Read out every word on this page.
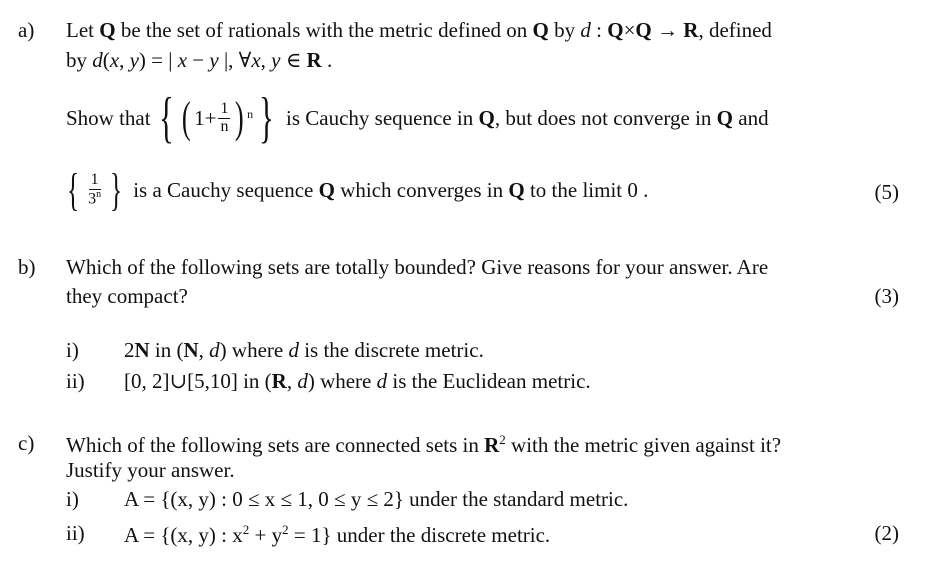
a) Let Q be the set of rationals with the metric defined on Q by d : Q×Q → R, defined
by d(x, y) = | x − y |, ∀x, y ∈ R .
Show that { ( $1+ \frac{1}{n}$ ) n } is Cauchy sequence in Q, but does not converge in Q and
{ $\frac{1}{3^n}$ } is a Cauchy sequence Q which converges in Q to the limit 0 .	(5)
b) Which of the following sets are totally bounded? Give reasons for your answer. Are
they compact?	(3)
i) 2N in (N, d) where d is the discrete metric.
ii) [0, 2]∪[5,10] in (R, d) where d is the Euclidean metric.
c) Which of the following sets are connected sets in $R^2$ with the metric given against it?
Justify your answer.
i) A = {(x, y) : 0 ≤ x ≤ 1, 0 ≤ y ≤ 2} under the standard metric.
ii) A = {(x, y) : $x^2 + y^2 = 1$} under the discrete metric.	(2)
